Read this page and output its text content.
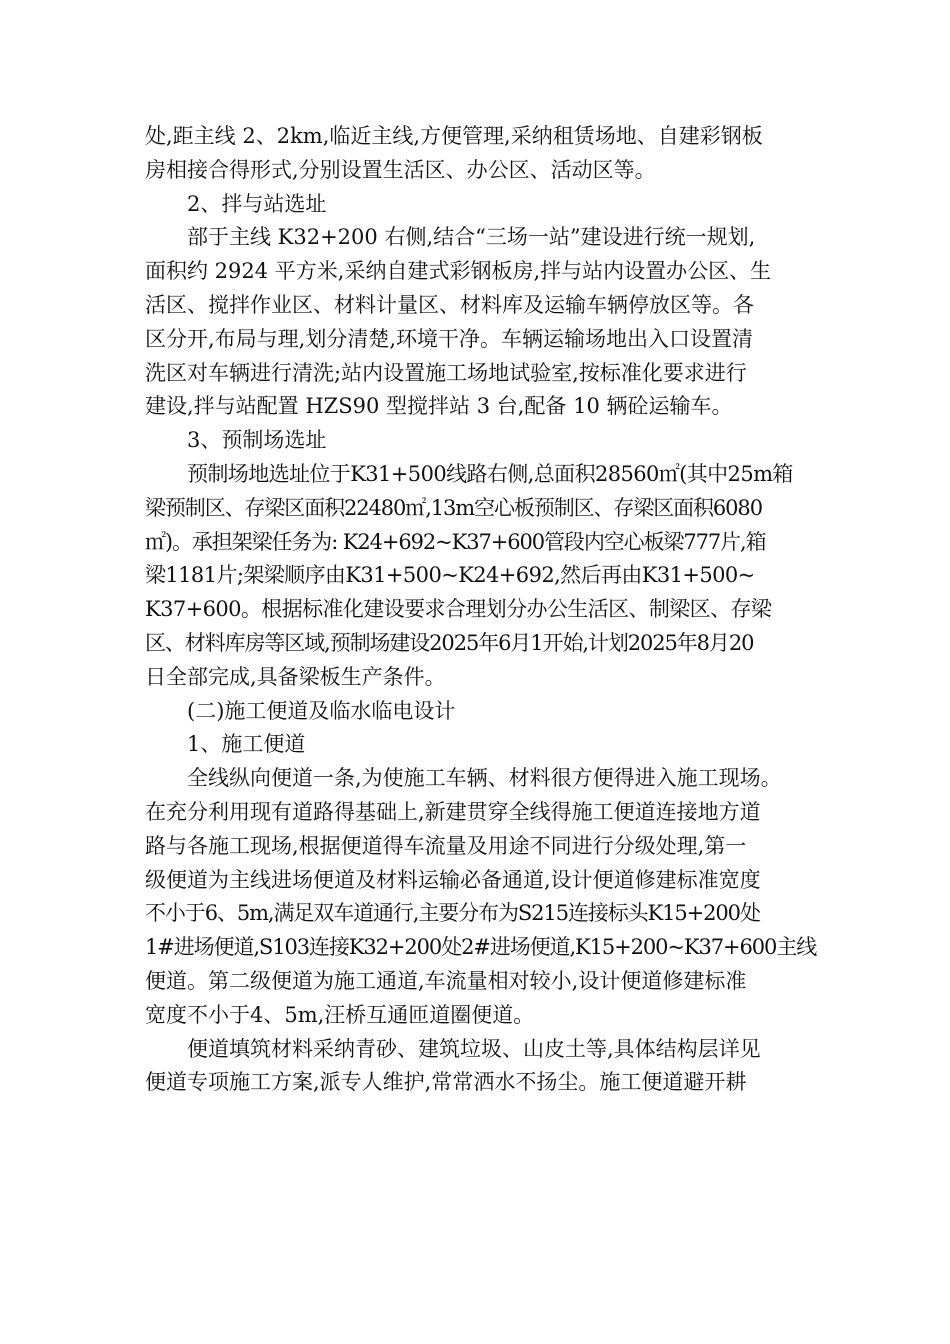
处,距主线 2、2km,临近主线,方便管理,采纳租赁场地、自建彩钢板
房相接合得形式,分别设置生活区、办公区、活动区等。
2、拌与站选址
部于主线 K32+200 右侧,结合“三场一站”建设进行统一规划,
面积约 2924 平方米,采纳自建式彩钢板房,拌与站内设置办公区、生
活区、搅拌作业区、材料计量区、材料库及运输车辆停放区等。各
区分开,布局与理,划分清楚,环境干净。车辆运输场地出入口设置清
洗区对车辆进行清洗;站内设置施工场地试验室,按标准化要求进行
建设,拌与站配置 HZS90 型搅拌站 3 台,配备 10 辆砼运输车。
3、预制场选址
预制场地选址位于K31+500线路右侧,总面积28560㎡(其中25m箱
梁预制区、存梁区面积22480㎡,13m空心板预制区、存梁区面积6080
㎡)。承担架梁任务为: K24+692~K37+600管段内空心板梁777片,箱
梁1181片;架梁顺序由K31+500~K24+692,然后再由K31+500~
K37+600。根据标准化建设要求合理划分办公生活区、制梁区、存梁
区、材料库房等区域,预制场建设2025年6月1开始,计划2025年8月20
日全部完成,具备梁板生产条件。
(二)施工便道及临水临电设计
1、施工便道
全线纵向便道一条,为使施工车辆、材料很方便得进入施工现场。
在充分利用现有道路得基础上,新建贯穿全线得施工便道连接地方道
路与各施工现场,根据便道得车流量及用途不同进行分级处理,第一
级便道为主线进场便道及材料运输必备通道,设计便道修建标准宽度
不小于6、5m,满足双车道通行,主要分布为S215连接标头K15+200处
1#进场便道,S103连接K32+200处2#进场便道,K15+200~K37+600主线
便道。第二级便道为施工通道,车流量相对较小,设计便道修建标准
宽度不小于4、5m,汪桥互通匝道圈便道。
便道填筑材料采纳青砂、建筑垃圾、山皮土等,具体结构层详见
便道专项施工方案,派专人维护,常常洒水不扬尘。施工便道避开耕
